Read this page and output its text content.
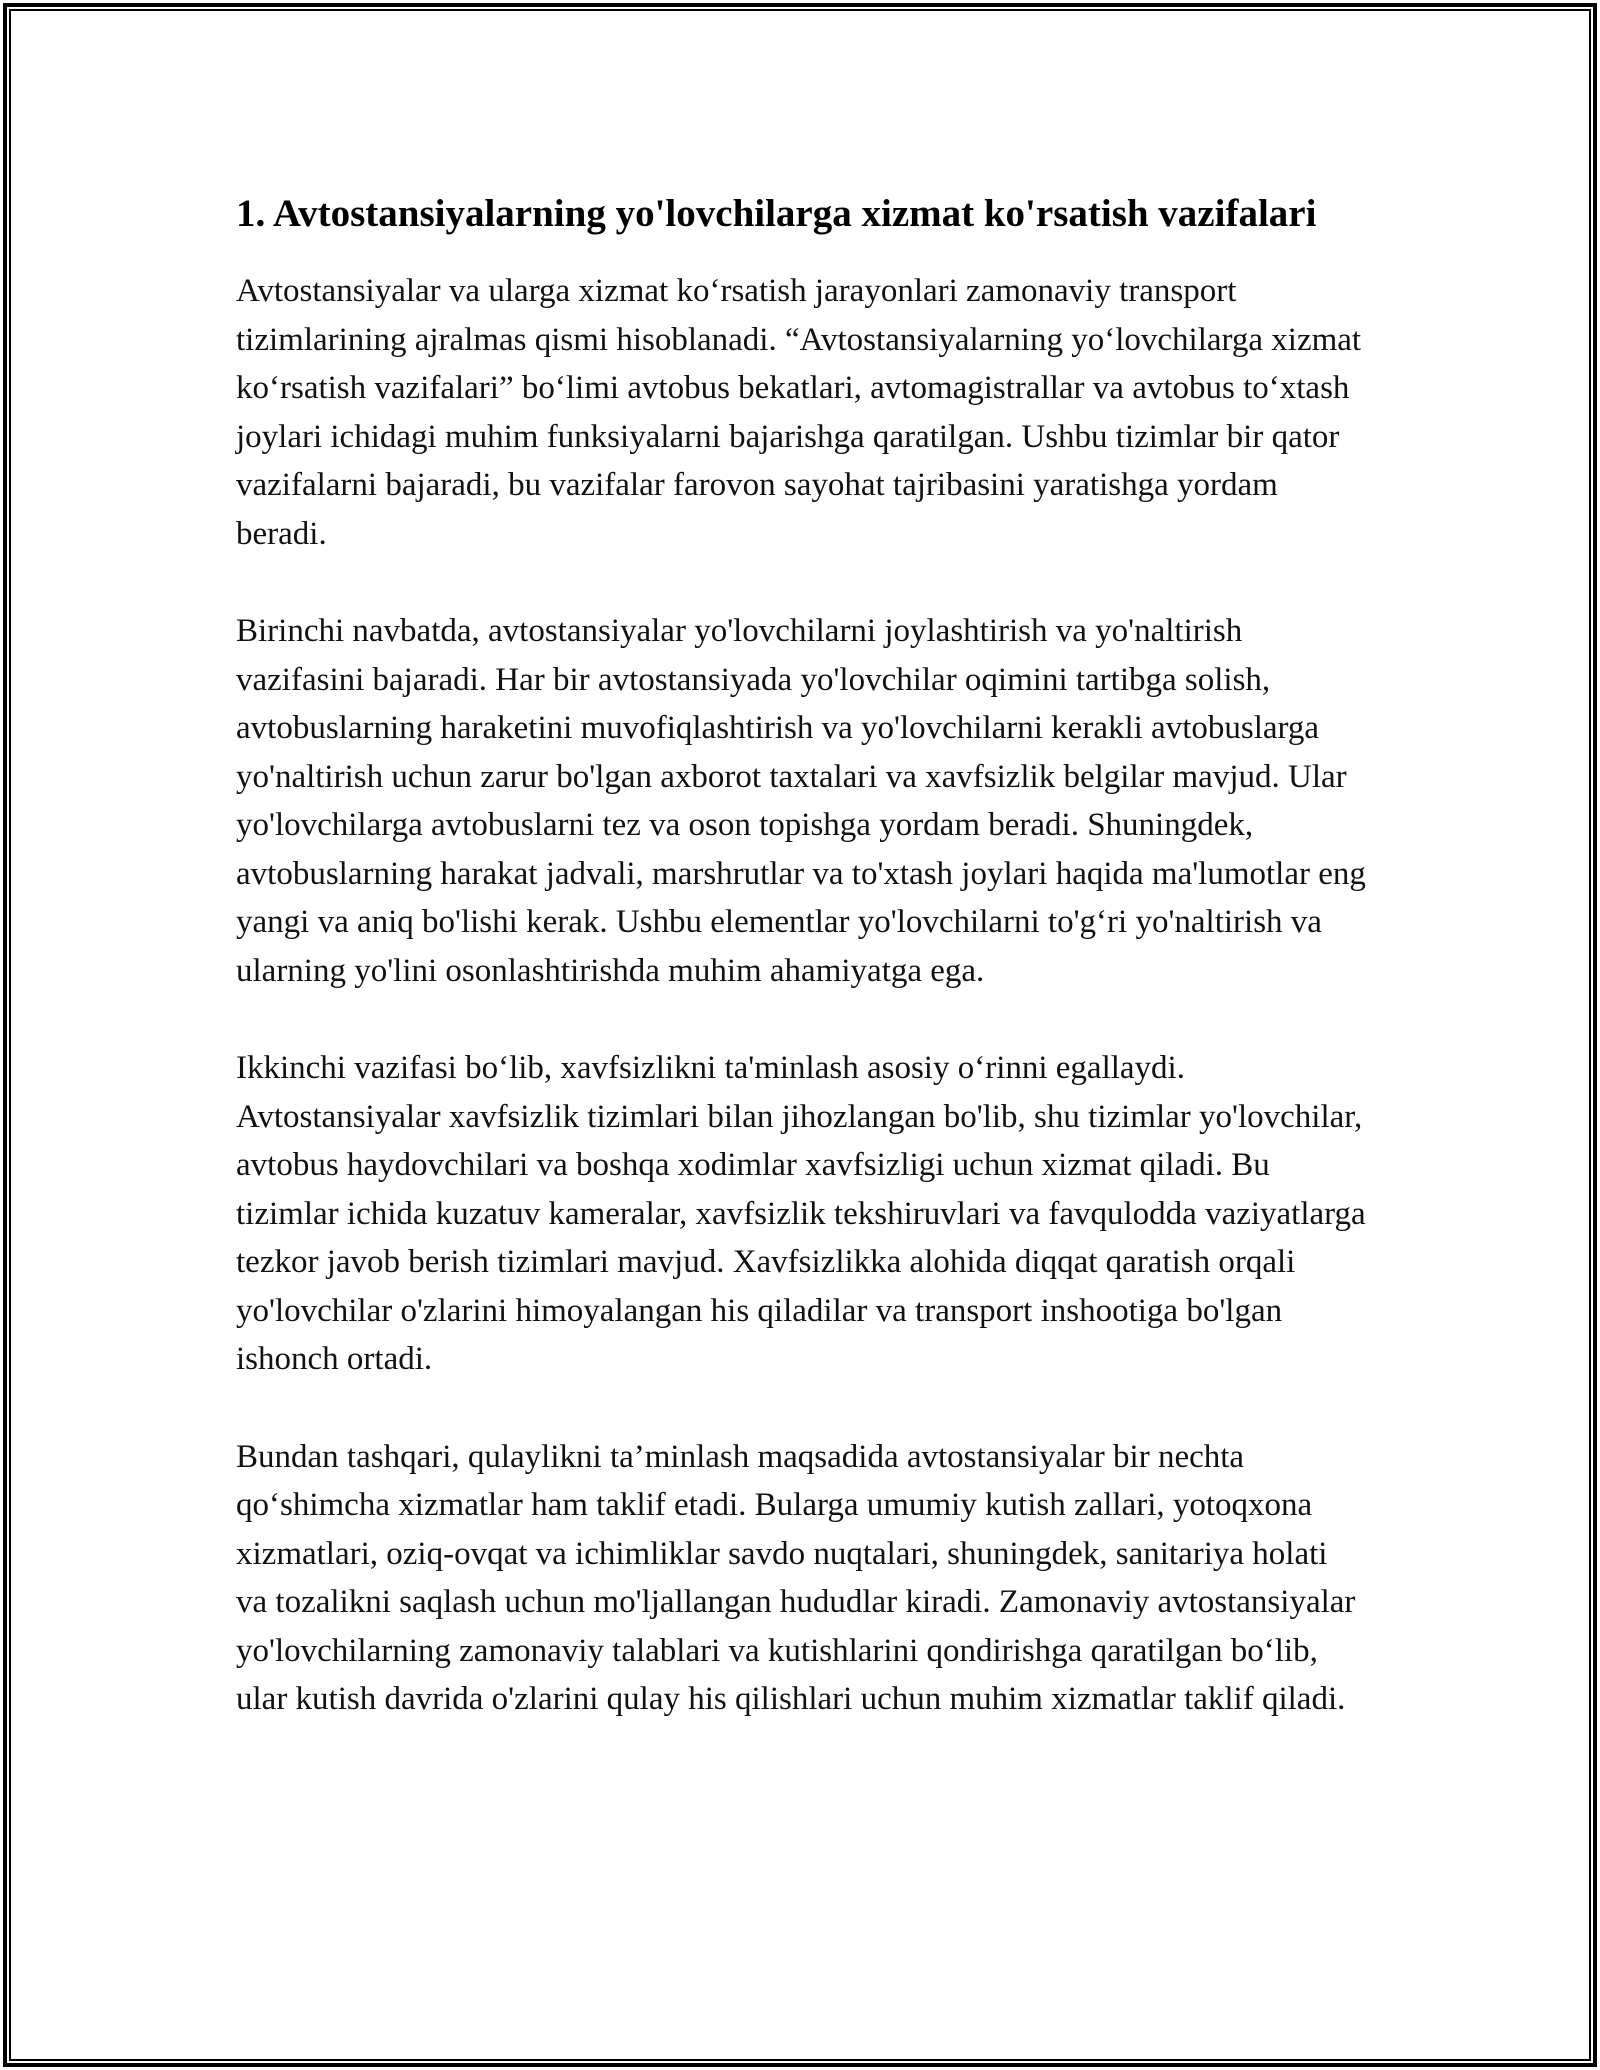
1. Avtostansiyalarning yo'lovchilarga xizmat ko'rsatish vazifalari

Avtostansiyalar va ularga xizmat ko‘rsatish jarayonlari zamonaviy transport tizimlarining ajralmas qismi hisoblanadi. “Avtostansiyalarning yo‘lovchilarga xizmat ko‘rsatish vazifalari” bo‘limi avtobus bekatlari, avtomagistrallar va avtobus to‘xtash joylari ichidagi muhim funksiyalarni bajarishga qaratilgan. Ushbu tizimlar bir qator vazifalarni bajaradi, bu vazifalar farovon sayohat tajribasini yaratishga yordam beradi.

Birinchi navbatda, avtostansiyalar yo'lovchilarni joylashtirish va yo'naltirish vazifasini bajaradi. Har bir avtostansiyada yo'lovchilar oqimini tartibga solish, avtobuslarning haraketini muvofiqlashtirish va yo'lovchilarni kerakli avtobuslarga yo'naltirish uchun zarur bo'lgan axborot taxtalari va xavfsizlik belgilar mavjud. Ular yo'lovchilarga avtobuslarni tez va oson topishga yordam beradi. Shuningdek, avtobuslarning harakat jadvali, marshrutlar va to'xtash joylari haqida ma'lumotlar eng yangi va aniq bo'lishi kerak. Ushbu elementlar yo'lovchilarni to'g‘ri yo'naltirish va ularning yo'lini osonlashtirishda muhim ahamiyatga ega.

Ikkinchi vazifasi bo‘lib, xavfsizlikni ta'minlash asosiy o‘rinni egallaydi. Avtostansiyalar xavfsizlik tizimlari bilan jihozlangan bo'lib, shu tizimlar yo'lovchilar, avtobus haydovchilari va boshqa xodimlar xavfsizligi uchun xizmat qiladi. Bu tizimlar ichida kuzatuv kameralar, xavfsizlik tekshiruvlari va favqulodda vaziyatlarga tezkor javob berish tizimlari mavjud. Xavfsizlikka alohida diqqat qaratish orqali yo'lovchilar o'zlarini himoyalangan his qiladilar va transport inshootiga bo'lgan ishonch ortadi.

Bundan tashqari, qulaylikni ta’minlash maqsadida avtostansiyalar bir nechta qo‘shimcha xizmatlar ham taklif etadi. Bularga umumiy kutish zallari, yotoqxona xizmatlari, oziq-ovqat va ichimliklar savdo nuqtalari, shuningdek, sanitariya holati va tozalikni saqlash uchun mo'ljallangan hududlar kiradi. Zamonaviy avtostansiyalar yo'lovchilarning zamonaviy talablari va kutishlarini qondirishga qaratilgan bo‘lib, ular kutish davrida o'zlarini qulay his qilishlari uchun muhim xizmatlar taklif qiladi.
